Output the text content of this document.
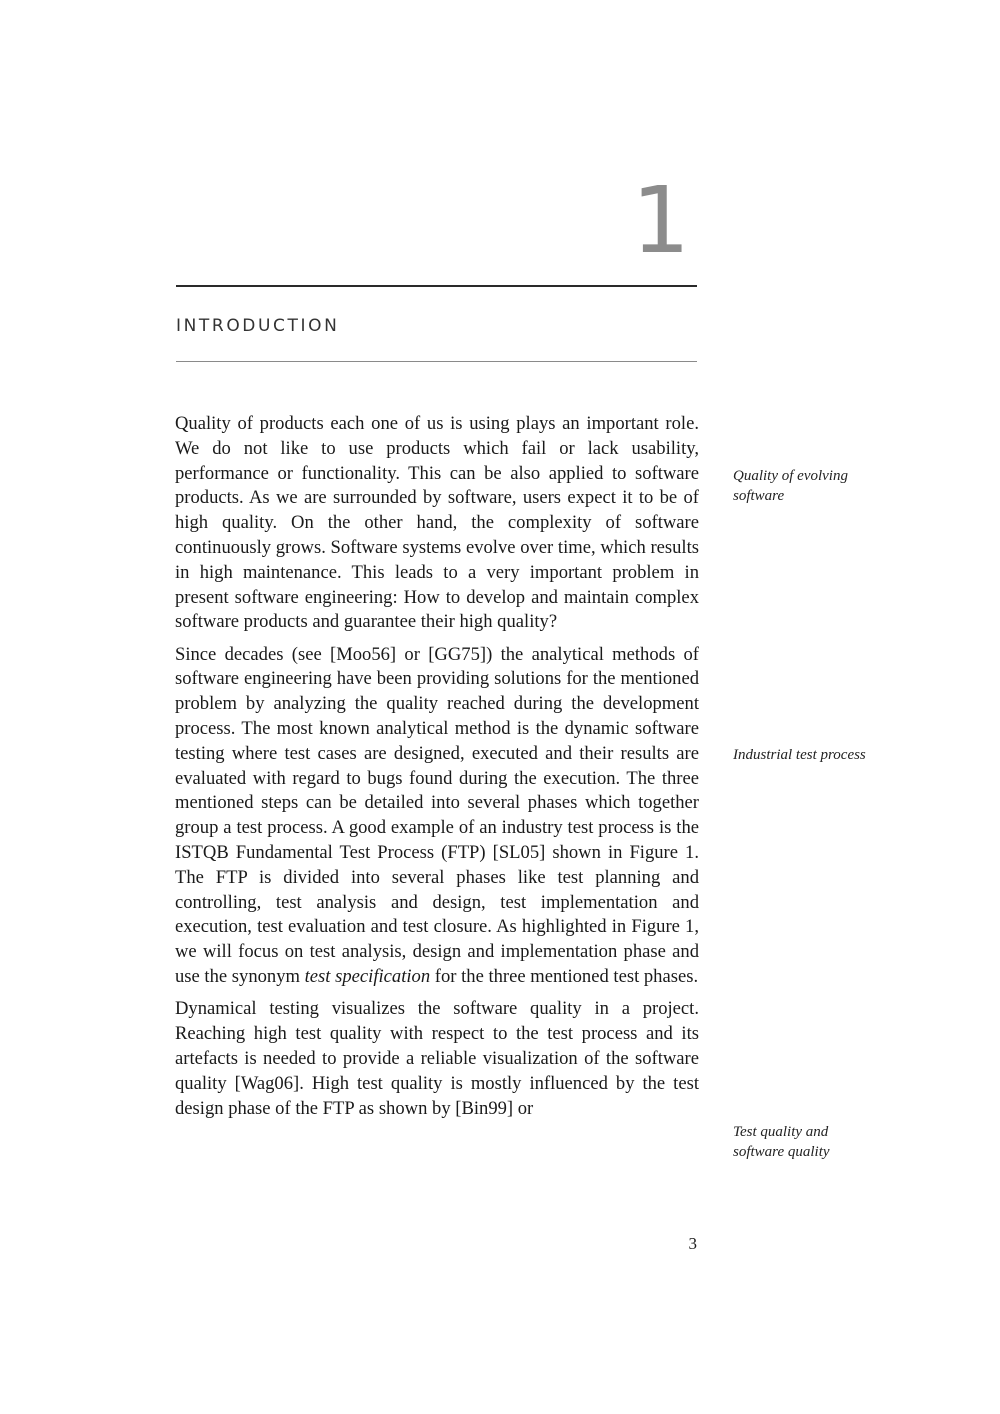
1
INTRODUCTION

Quality of products each one of us is using plays an important role. We do not like to use products which fail or lack usability, performance or functionality. This can be also applied to software products. As we are surrounded by software, users expect it to be of high quality. On the other hand, the complexity of software continuously grows. Software systems evolve over time, which results in high maintenance. This leads to a very important problem in present software engineering: How to develop and maintain complex software products and guarantee their high quality?

Since decades (see [Moo56] or [GG75]) the analytical methods of software engineering have been providing solutions for the mentioned problem by analyzing the quality reached during the development process. The most known analytical method is the dynamic software testing where test cases are designed, executed and their results are evaluated with regard to bugs found during the execution. The three mentioned steps can be detailed into several phases which together group a test process. A good example of an industry test process is the ISTQB Fundamental Test Process (FTP) [SL05] shown in Figure 1. The FTP is divided into several phases like test planning and controlling, test analysis and design, test implementation and execution, test evaluation and test closure. As highlighted in Figure 1, we will focus on test analysis, design and implementation phase and use the synonym test specification for the three mentioned test phases.

Dynamical testing visualizes the software quality in a project. Reaching high test quality with respect to the test process and its artefacts is needed to provide a reliable visualization of the software quality [Wag06]. High test quality is mostly influenced by the test design phase of the FTP as shown by [Bin99] or

Quality of evolving software
Industrial test process
Test quality and software quality
3
